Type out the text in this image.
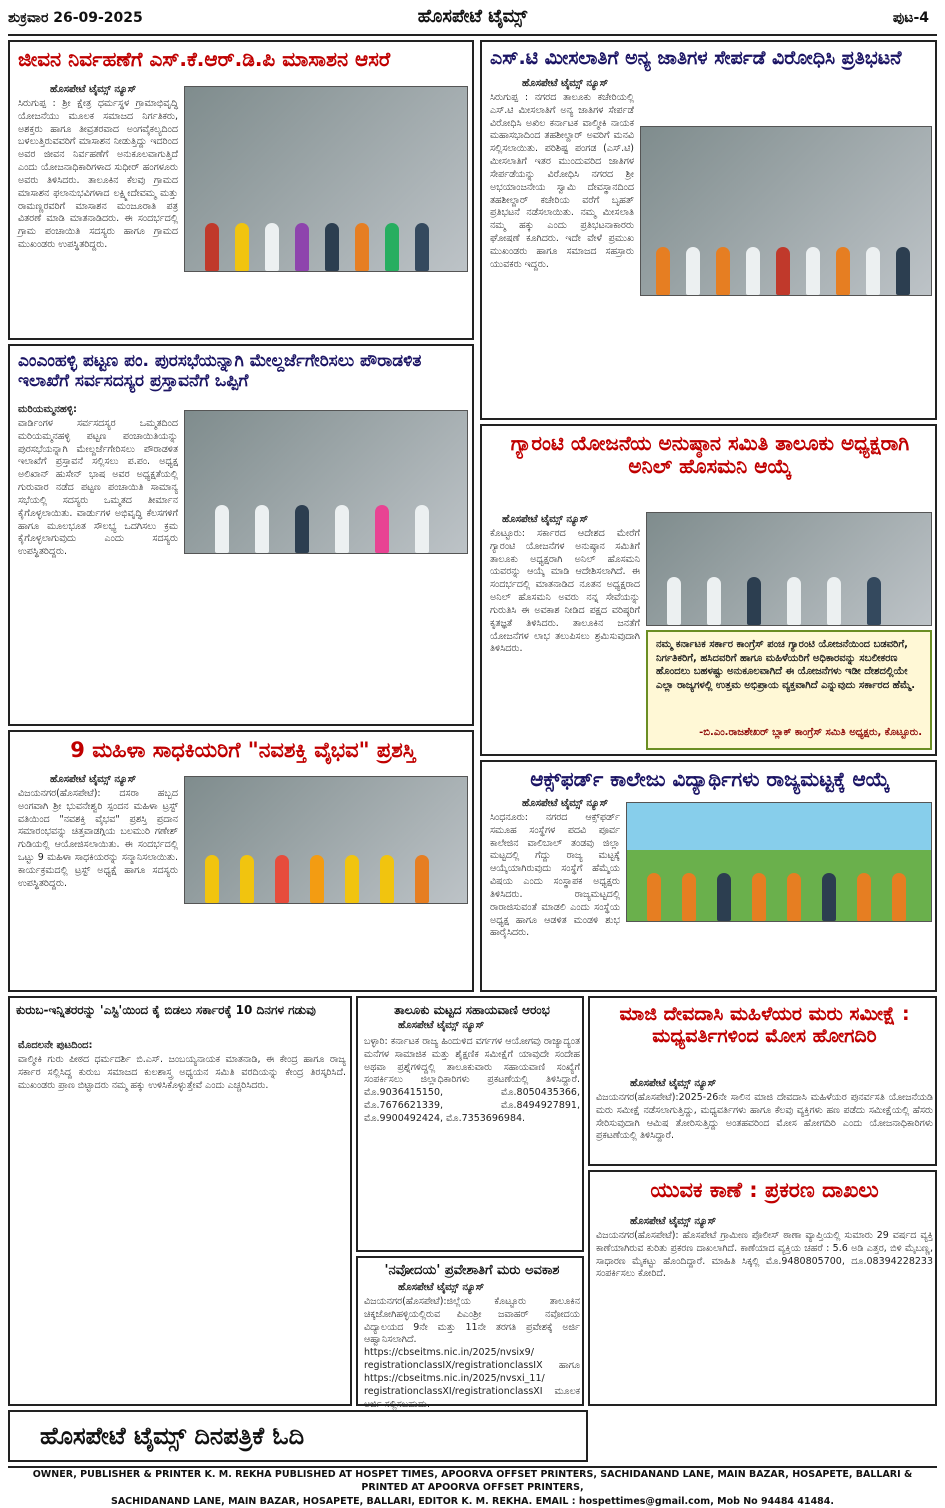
ಶುಕ್ರವಾರ 26-09-2025	ಹೊಸಪೇಟೆ ಟೈಮ್ಸ್	ಪುಟ-4
ಜೀವನ ನಿರ್ವಹಣೆಗೆ ಎಸ್.ಕೆ.ಆರ್.ಡಿ.ಪಿ ಮಾಸಾಶನ ಆಸರೆ
ಹೊಸಪೇಟೆ ಟೈಮ್ಸ್ ನ್ಯೂಸ್
ಸಿರುಗುಪ್ಪ : ಶ್ರೀ ಕ್ಷೇತ್ರ ಧರ್ಮಸ್ಥಳ ಗ್ರಾಮಾಭಿವೃದ್ಧಿ ಯೋಜನೆಯು ಮೂಲಕ ಸಮಾಜದ ನಿರ್ಗತಿಕರು, ಅಶಕ್ತರು ಹಾಗೂ ತೀವ್ರತರವಾದ ಅಂಗವೈಕಲ್ಯದಿಂದ ಬಳಲುತ್ತಿರುವವರಿಗೆ ಮಾಸಾಶನ ನೀಡುತ್ತಿದ್ದು ಇದರಿಂದ ಅವರ ಜೀವನ ನಿರ್ವಹಣೆಗೆ ಅನುಕೂಲವಾಗುತ್ತಿದೆ ಎಂದು ಯೋಜನಾಧಿಕಾರಿಗಳಾದ ಸುಧೀರ್ ಹಂಗಳೂರು ಅವರು ತಿಳಿಸಿದರು. ತಾಲೂಕಿನ ಕೆಲವು ಗ್ರಾಮದ ಮಾಸಾಶನ ಫಲಾನುಭವಿಗಳಾದ ಲಕ್ಷ್ಮೀದೇವಮ್ಮ ಮತ್ತು ರಾಮಣ್ಣರವರಿಗೆ ಮಾಸಾಶನ ಮಂಜೂರಾತಿ ಪತ್ರ ವಿತರಣೆ ಮಾಡಿ ಮಾತನಾಡಿದರು. ಈ ಸಂದರ್ಭದಲ್ಲಿ ಗ್ರಾಮ ಪಂಚಾಯಿತಿ ಸದಸ್ಯರು ಹಾಗೂ ಗ್ರಾಮದ ಮುಖಂಡರು ಉಪಸ್ಥಿತರಿದ್ದರು.
ಎಸ್.ಟಿ ಮೀಸಲಾತಿಗೆ ಅನ್ಯ ಜಾತಿಗಳ ಸೇರ್ಪಡೆ ವಿರೋಧಿಸಿ ಪ್ರತಿಭಟನೆ
ಹೊಸಪೇಟೆ ಟೈಮ್ಸ್ ನ್ಯೂಸ್
ಸಿರುಗುಪ್ಪ : ನಗರದ ತಾಲೂಕು ಕಚೇರಿಯಲ್ಲಿ ಎಸ್.ಟಿ ಮೀಸಲಾತಿಗೆ ಅನ್ಯ ಜಾತಿಗಳ ಸೇರ್ಪಡೆ ವಿರೋಧಿಸಿ ಅಖಿಲ ಕರ್ನಾಟಕ ವಾಲ್ಮೀಕಿ ನಾಯಕ ಮಹಾಸಭಾದಿಂದ ತಹಶೀಲ್ದಾರ್ ಅವರಿಗೆ ಮನವಿ ಸಲ್ಲಿಸಲಾಯಿತು. ಪರಿಶಿಷ್ಟ ಪಂಗಡ (ಎಸ್.ಟಿ) ಮೀಸಲಾತಿಗೆ ಇತರ ಮುಂದುವರಿದ ಜಾತಿಗಳ ಸೇರ್ಪಡೆಯನ್ನು ವಿರೋಧಿಸಿ ನಗರದ ಶ್ರೀ ಅಭಯಾಂಜನೇಯ ಸ್ವಾಮಿ ದೇವಸ್ಥಾನದಿಂದ ತಹಶೀಲ್ದಾರ್ ಕಚೇರಿಯ ವರೆಗೆ ಬೃಹತ್ ಪ್ರತಿಭಟನೆ ನಡೆಸಲಾಯಿತು. ನಮ್ಮ ಮೀಸಲಾತಿ ನಮ್ಮ ಹಕ್ಕು ಎಂದು ಪ್ರತಿಭಟನಾಕಾರರು ಘೋಷಣೆ ಕೂಗಿದರು. ಇದೇ ವೇಳೆ ಪ್ರಮುಖ ಮುಖಂಡರು ಹಾಗೂ ಸಮಾಜದ ಸಹಸ್ರಾರು ಯುವಕರು ಇದ್ದರು.
ಎಂಎಂಹಳ್ಳಿ ಪಟ್ಟಣ ಪಂ. ಪುರಸಭೆಯನ್ನಾಗಿ ಮೇಲ್ದರ್ಜೆಗೇರಿಸಲು ಪೌರಾಡಳಿತ ಇಲಾಖೆಗೆ ಸರ್ವಸದಸ್ಯರ ಪ್ರಸ್ತಾವನೆಗೆ ಒಪ್ಪಿಗೆ
ಮರಿಯಮ್ಮನಹಳ್ಳಿ:
ವಾರ್ಡಿಂಗಳ ಸರ್ವಸದಸ್ಯರ ಒಮ್ಮತದಿಂದ ಮರಿಯಮ್ಮನಹಳ್ಳಿ ಪಟ್ಟಣ ಪಂಚಾಯಿತಿಯನ್ನು ಪುರಸಭೆಯನ್ನಾಗಿ ಮೇಲ್ದರ್ಜೆಗೇರಿಸಲು ಪೌರಾಡಳಿತ ಇಲಾಖೆಗೆ ಪ್ರಸ್ತಾವನೆ ಸಲ್ಲಿಸಲು ಪ.ಪಂ. ಅಧ್ಯಕ್ಷ ಅಲಿಖಾನ್ ಹುಸೇನ್ ಭಾಷ ಅವರ ಅಧ್ಯಕ್ಷತೆಯಲ್ಲಿ ಗುರುವಾರ ನಡೆದ ಪಟ್ಟಣ ಪಂಚಾಯಿತಿ ಸಾಮಾನ್ಯ ಸಭೆಯಲ್ಲಿ ಸದಸ್ಯರು ಒಮ್ಮತದ ತೀರ್ಮಾನ ಕೈಗೊಳ್ಳಲಾಯಿತು. ವಾರ್ಡುಗಳ ಅಭಿವೃದ್ಧಿ ಕೆಲಸಗಳಿಗೆ ಹಾಗೂ ಮೂಲಭೂತ ಸೌಲಭ್ಯ ಒದಗಿಸಲು ಕ್ರಮ ಕೈಗೊಳ್ಳಲಾಗುವುದು ಎಂದು ಸದಸ್ಯರು ಉಪಸ್ಥಿತರಿದ್ದರು.
ಗ್ಯಾರಂಟಿ ಯೋಜನೆಯ ಅನುಷ್ಠಾನ ಸಮಿತಿ ತಾಲೂಕು ಅಧ್ಯಕ್ಷರಾಗಿ ಅನಿಲ್ ಹೊಸಮನಿ ಆಯ್ಕೆ
ಹೊಸಪೇಟೆ ಟೈಮ್ಸ್ ನ್ಯೂಸ್
ಕೊಟ್ಟೂರು: ಸರ್ಕಾರದ ಆದೇಶದ ಮೇರೆಗೆ ಗ್ಯಾರಂಟಿ ಯೋಜನೆಗಳ ಅನುಷ್ಠಾನ ಸಮಿತಿಗೆ ತಾಲೂಕು ಅಧ್ಯಕ್ಷರಾಗಿ ಅನಿಲ್ ಹೊಸಮನಿ ಯವರನ್ನು ಆಯ್ಕೆ ಮಾಡಿ ಆದೇಶಿಸಲಾಗಿದೆ. ಈ ಸಂದರ್ಭದಲ್ಲಿ ಮಾತನಾಡಿದ ನೂತನ ಅಧ್ಯಕ್ಷರಾದ ಅನಿಲ್ ಹೊಸಮನಿ ಅವರು ನನ್ನ ಸೇವೆಯನ್ನು ಗುರುತಿಸಿ ಈ ಅವಕಾಶ ನೀಡಿದ ಪಕ್ಷದ ವರಿಷ್ಠರಿಗೆ ಕೃತಜ್ಞತೆ ತಿಳಿಸಿದರು. ತಾಲೂಕಿನ ಜನತೆಗೆ ಯೋಜನೆಗಳ ಲಾಭ ತಲುಪಿಸಲು ಶ್ರಮಿಸುವುದಾಗಿ ತಿಳಿಸಿದರು.	ನಮ್ಮ ಕರ್ನಾಟಕ ಸರ್ಕಾರ ಕಾಂಗ್ರೆಸ್ ಪಂಚ ಗ್ಯಾರಂಟಿ ಯೋಜನೆಯಿಂದ ಬಡವರಿಗೆ, ನಿರ್ಗತಿಕರಿಗೆ, ಹಸಿದವರಿಗೆ ಹಾಗೂ ಮಹಿಳೆಯರಿಗೆ ಅಧಿಕಾರವನ್ನು ಸಬಲೀಕರಣ ಹೊಂದಲು ಬಹಳಷ್ಟು ಅನುಕೂಲವಾಗಿದೆ ಈ ಯೋಜನೆಗಳು ಇಡೀ ದೇಶದಲ್ಲಿಯೇ ಎಲ್ಲಾ ರಾಜ್ಯಗಳಲ್ಲಿ ಉತ್ತಮ ಅಭಿಪ್ರಾಯ ವ್ಯಕ್ತವಾಗಿದೆ ಎನ್ನುವುದು ಸರ್ಕಾರದ ಹೆಮ್ಮೆ.
-ಬಿ.ಎಂ.ರಾಜಶೇಖರ್ ಬ್ಲಾಕ್ ಕಾಂಗ್ರೆಸ್ ಸಮಿತಿ ಅಧ್ಯಕ್ಷರು, ಕೊಟ್ಟೂರು.
9 ಮಹಿಳಾ ಸಾಧಕಿಯರಿಗೆ "ನವಶಕ್ತಿ ವೈಭವ" ಪ್ರಶಸ್ತಿ
ಹೊಸಪೇಟೆ ಟೈಮ್ಸ್ ನ್ಯೂಸ್
ವಿಜಯನಗರ(ಹೊಸಪೇಟೆ): ದಸರಾ ಹಬ್ಬದ ಅಂಗವಾಗಿ ಶ್ರೀ ಭುವನೇಶ್ವರಿ ಸ್ಪಂದನ ಮಹಿಳಾ ಟ್ರಸ್ಟ್ ವತಿಯಿಂದ "ನವಶಕ್ತಿ ವೈಭವ" ಪ್ರಶಸ್ತಿ ಪ್ರದಾನ ಸಮಾರಂಭವನ್ನು ಚಿತ್ತವಾಡಗ್ಗಿಯ ಬಲಮುರಿ ಗಣೇಶ್ ಗುಡಿಯಲ್ಲಿ ಆಯೋಜಿಸಲಾಯಿತು. ಈ ಸಂದರ್ಭದಲ್ಲಿ ಒಟ್ಟು 9 ಮಹಿಳಾ ಸಾಧಕಿಯರನ್ನು ಸನ್ಮಾನಿಸಲಾಯಿತು. ಕಾರ್ಯಕ್ರಮದಲ್ಲಿ ಟ್ರಸ್ಟ್ ಅಧ್ಯಕ್ಷೆ ಹಾಗೂ ಸದಸ್ಯರು ಉಪಸ್ಥಿತರಿದ್ದರು.
ಆಕ್ಸ್‌ಫರ್ಡ್ ಕಾಲೇಜು ವಿದ್ಯಾರ್ಥಿಗಳು ರಾಜ್ಯಮಟ್ಟಕ್ಕೆ ಆಯ್ಕೆ
ಹೊಸಪೇಟೆ ಟೈಮ್ಸ್ ನ್ಯೂಸ್
ಸಿಂಧನೂರು: ನಗರದ ಆಕ್ಸ್‌ಫರ್ಡ್ ಸಮೂಹ ಸಂಸ್ಥೆಗಳ ಪದವಿ ಪೂರ್ವ ಕಾಲೇಜಿನ ವಾಲಿಬಾಲ್ ತಂಡವು ಜಿಲ್ಲಾ ಮಟ್ಟದಲ್ಲಿ ಗೆದ್ದು ರಾಜ್ಯ ಮಟ್ಟಕ್ಕೆ ಆಯ್ಕೆಯಾಗಿರುವುದು ಸಂಸ್ಥೆಗೆ ಹೆಮ್ಮೆಯ ವಿಷಯ ಎಂದು ಸಂಸ್ಥಾಪಕ ಅಧ್ಯಕ್ಷರು ತಿಳಿಸಿದರು. ರಾಜ್ಯಮಟ್ಟದಲ್ಲಿ ರಾರಾಜಿಸುವಂತೆ ಮಾಡಲಿ ಎಂದು ಸಂಸ್ಥೆಯ ಅಧ್ಯಕ್ಷ ಹಾಗೂ ಆಡಳಿತ ಮಂಡಳಿ ಶುಭ ಹಾರೈಸಿದರು.
ಕುರುಬ-ಇನ್ನಿತರರನ್ನು 'ಎಸ್ಟಿ'ಯಿಂದ ಕೈ ಬಿಡಲು ಸರ್ಕಾರಕ್ಕೆ 10 ದಿನಗಳ ಗಡುವು
ಮೊದಲನೇ ಪುಟದಿಂದ:
ವಾಲ್ಮೀಕಿ ಗುರು ಪೀಠದ ಧರ್ಮದರ್ಶಿ ಬಿ.ಎಸ್. ಜಂಬಯ್ಯನಾಯಕ ಮಾತನಾಡಿ, ಈ ಕೇಂದ್ರ ಹಾಗೂ ರಾಜ್ಯ ಸರ್ಕಾರ ಸಲ್ಲಿಸಿದ್ದ ಕುರುಬ ಸಮಾಜದ ಕುಲಶಾಸ್ತ್ರ ಅಧ್ಯಯನ ಸಮಿತಿ ವರದಿಯನ್ನು ಕೇಂದ್ರ ತಿರಸ್ಕರಿಸಿದೆ. ಮುಖಂಡರು ಪ್ರಾಣ ಬಿಟ್ಟಾದರು ನಮ್ಮ ಹಕ್ಕು ಉಳಿಸಿಕೊಳ್ಳುತ್ತೇವೆ ಎಂದು ಎಚ್ಚರಿಸಿದರು.
ತಾಲೂಕು ಮಟ್ಟದ ಸಹಾಯವಾಣಿ ಆರಂಭ
ಹೊಸಪೇಟೆ ಟೈಮ್ಸ್ ನ್ಯೂಸ್
ಬಳ್ಳಾರಿ: ಕರ್ನಾಟಕ ರಾಜ್ಯ ಹಿಂದುಳಿದ ವರ್ಗಗಳ ಆಯೋಗವು ರಾಜ್ಯಾದ್ಯಂತ ಮನೆಗಳ ಸಾಮಾಜಿಕ ಮತ್ತು ಶೈಕ್ಷಣಿಕ ಸಮೀಕ್ಷೆಗೆ ಯಾವುದೇ ಸಂದೇಹ ಅಥವಾ ಪ್ರಶ್ನೆಗಳಿದ್ದಲ್ಲಿ ತಾಲೂಕುವಾರು ಸಹಾಯವಾಣಿ ಸಂಖ್ಯೆಗೆ ಸಂಪರ್ಕಿಸಲು ಜಿಲ್ಲಾಧಿಕಾರಿಗಳು ಪ್ರಕಟಣೆಯಲ್ಲಿ ತಿಳಿಸಿದ್ದಾರೆ. ಮೊ.9036415150, ಮೊ.8050435366, ಮೊ.7676621339, ಮೊ.8494927891, ಮೊ.9900492424, ಮೊ.7353696984.
'ನವೋದಯ' ಪ್ರವೇಶಾತಿಗೆ ಮರು ಅವಕಾಶ
ಹೊಸಪೇಟೆ ಟೈಮ್ಸ್ ನ್ಯೂಸ್
ವಿಜಯನಗರ(ಹೊಸಪೇಟೆ):ಜಿಲ್ಲೆಯ ಕೊಟ್ಟೂರು ತಾಲೂಕಿನ ಚಿಕ್ಕಜೋಗಿಹಳ್ಳಿಯಲ್ಲಿರುವ ಪಿಎಂಶ್ರೀ ಜವಾಹರ್ ನವೋದಯ ವಿದ್ಯಾಲಯದ 9ನೇ ಮತ್ತು 11ನೇ ತರಗತಿ ಪ್ರವೇಶಕ್ಕೆ ಅರ್ಜಿ ಆಹ್ವಾನಿಸಲಾಗಿದೆ. https://cbseitms.nic.in/2025/nvsix9/ registrationclassIX/registrationclassIX ಹಾಗೂ https://cbseitms.nic.in/2025/nvsxi_11/ registrationclassXI/registrationclassXI ಮೂಲಕ ಅರ್ಜಿ ಸಲ್ಲಿಸಬಹುದು.
ಮಾಜಿ ದೇವದಾಸಿ ಮಹಿಳೆಯರ ಮರು ಸಮೀಕ್ಷೆ : ಮಧ್ಯವರ್ತಿಗಳಿಂದ ಮೋಸ ಹೋಗದಿರಿ
ಹೊಸಪೇಟೆ ಟೈಮ್ಸ್ ನ್ಯೂಸ್
ವಿಜಯನಗರ(ಹೊಸಪೇಟೆ):2025-26ನೇ ಸಾಲಿನ ಮಾಜಿ ದೇವದಾಸಿ ಮಹಿಳೆಯರ ಪುನರ್ವಸತಿ ಯೋಜನೆಯಡಿ ಮರು ಸಮೀಕ್ಷೆ ನಡೆಸಲಾಗುತ್ತಿದ್ದು, ಮಧ್ಯವರ್ತಿಗಳು ಹಾಗೂ ಕೆಲವು ವ್ಯಕ್ತಿಗಳು ಹಣ ಪಡೆದು ಸಮೀಕ್ಷೆಯಲ್ಲಿ ಹೆಸರು ಸೇರಿಸುವುದಾಗಿ ಆಮಿಷ ತೋರಿಸುತ್ತಿದ್ದು ಅಂತಹವರಿಂದ ಮೋಸ ಹೋಗದಿರಿ ಎಂದು ಯೋಜನಾಧಿಕಾರಿಗಳು ಪ್ರಕಟಣೆಯಲ್ಲಿ ತಿಳಿಸಿದ್ದಾರೆ.
ಯುವಕ ಕಾಣೆ : ಪ್ರಕರಣ ದಾಖಲು
ಹೊಸಪೇಟೆ ಟೈಮ್ಸ್ ನ್ಯೂಸ್
ವಿಜಯನಗರ(ಹೊಸಪೇಟೆ): ಹೊಸಪೇಟೆ ಗ್ರಾಮೀಣ ಪೊಲೀಸ್ ಠಾಣಾ ವ್ಯಾಪ್ತಿಯಲ್ಲಿ ಸುಮಾರು 29 ವರ್ಷದ ವ್ಯಕ್ತಿ ಕಾಣೆಯಾಗಿರುವ ಕುರಿತು ಪ್ರಕರಣ ದಾಖಲಾಗಿದೆ. ಕಾಣೆಯಾದ ವ್ಯಕ್ತಿಯ ಚಹರೆ : 5.6 ಅಡಿ ಎತ್ತರ, ಬಿಳಿ ಮೈಬಣ್ಣ, ಸಾಧಾರಣ ಮೈಕಟ್ಟು ಹೊಂದಿದ್ದಾರೆ. ಮಾಹಿತಿ ಸಿಕ್ಕಲ್ಲಿ ಮೊ.9480805700, ದೂ.08394228233 ಸಂಪರ್ಕಿಸಲು ಕೋರಿದೆ.
ಹೊಸಪೇಟೆ ಟೈಮ್ಸ್ ದಿನಪತ್ರಿಕೆ ಓದಿ
OWNER, PUBLISHER & PRINTER K. M. REKHA PUBLISHED AT HOSPET TIMES, APOORVA OFFSET PRINTERS, SACHIDANAND LANE, MAIN BAZAR, HOSAPETE, BALLARI & PRINTED AT APOORVA OFFSET PRINTERS,
SACHIDANAND LANE, MAIN BAZAR, HOSAPETE, BALLARI, EDITOR K. M. REKHA. EMAIL : hospettimes@gmail.com, Mob No 94484 41484.
